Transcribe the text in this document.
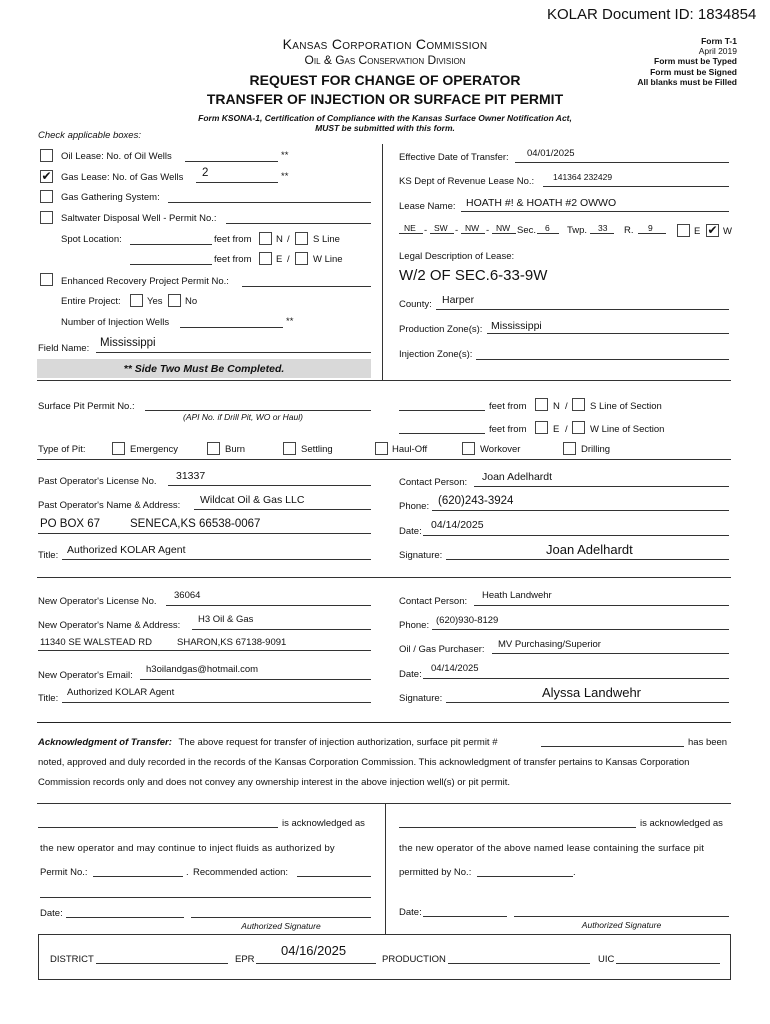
KOLAR Document ID: 1834854
Kansas Corporation Commission
Oil & Gas Conservation Division
REQUEST FOR CHANGE OF OPERATOR
TRANSFER OF INJECTION OR SURFACE PIT PERMIT
Form KSONA-1, Certification of Compliance with the Kansas Surface Owner Notification Act,
MUST be submitted with this form.
Form T-1
April 2019
Form must be Typed
Form must be Signed
All blanks must be Filled
Check applicable boxes:
Oil Lease: No. of Oil Wells	**
✔ Gas Lease: No. of Gas Wells 2	**
Gas Gathering System:
Saltwater Disposal Well - Permit No.:
Spot Location:	feet from	N / S Line
feet from	E / W Line
Enhanced Recovery Project Permit No.:
Entire Project:	Yes No
Number of Injection Wells	**
Field Name: Mississippi
** Side Two Must Be Completed.
Effective Date of Transfer: 04/01/2025
KS Dept of Revenue Lease No.: 141364 232429
Lease Name: HOATH #! & HOATH #2 OWWO
NE - SW - NW - NW Sec. 6 Twp. 33 R. 9	E ✔ W
Legal Description of Lease:
W/2 OF SEC.6-33-9W
County: Harper
Production Zone(s): Mississippi
Injection Zone(s):
Surface Pit Permit No.:
(API No. if Drill Pit, WO or Haul)
feet from	N / S Line of Section
feet from	E / W Line of Section
Type of Pit:	Emergency	Burn	Settling	Haul-Off	Workover	Drilling
Past Operator's License No. 31337
Past Operator's Name & Address: Wildcat Oil & Gas LLC
PO BOX 67	SENECA,KS 66538-0067
Title: Authorized KOLAR Agent
Contact Person: Joan Adelhardt
Phone: (620)243-3924
Date:
04/14/2025
Signature:	Joan Adelhardt
New Operator's License No.
36064
New Operator's Name & Address:
H3 Oil & Gas
11340 SE WALSTEAD RD	SHARON,KS 67138-9091
New Operator's Email:
h3oilandgas@hotmail.com
Title:
Authorized KOLAR Agent
Contact Person:
Heath Landwehr
Phone: (620)930-8129
Oil / Gas Purchaser: MV Purchasing/Superior
Date:
04/14/2025
Signature:	Alyssa Landwehr
Acknowledgment of Transfer: The above request for transfer of injection authorization, surface pit permit #	has been
noted, approved and duly recorded in the records of the Kansas Corporation Commission. This acknowledgment of transfer pertains to Kansas Corporation
Commission records only and does not convey any ownership interest in the above injection well(s) or pit permit.
is acknowledged as
the new operator and may continue to inject fluids as authorized by
Permit No.:	. Recommended action:
Date:
Authorized Signature
is acknowledged as
the new operator of the above named lease containing the surface pit
permitted by No.:	.
Date:
Authorized Signature
DISTRICT	EPR
04/16/2025
PRODUCTION	UIC
